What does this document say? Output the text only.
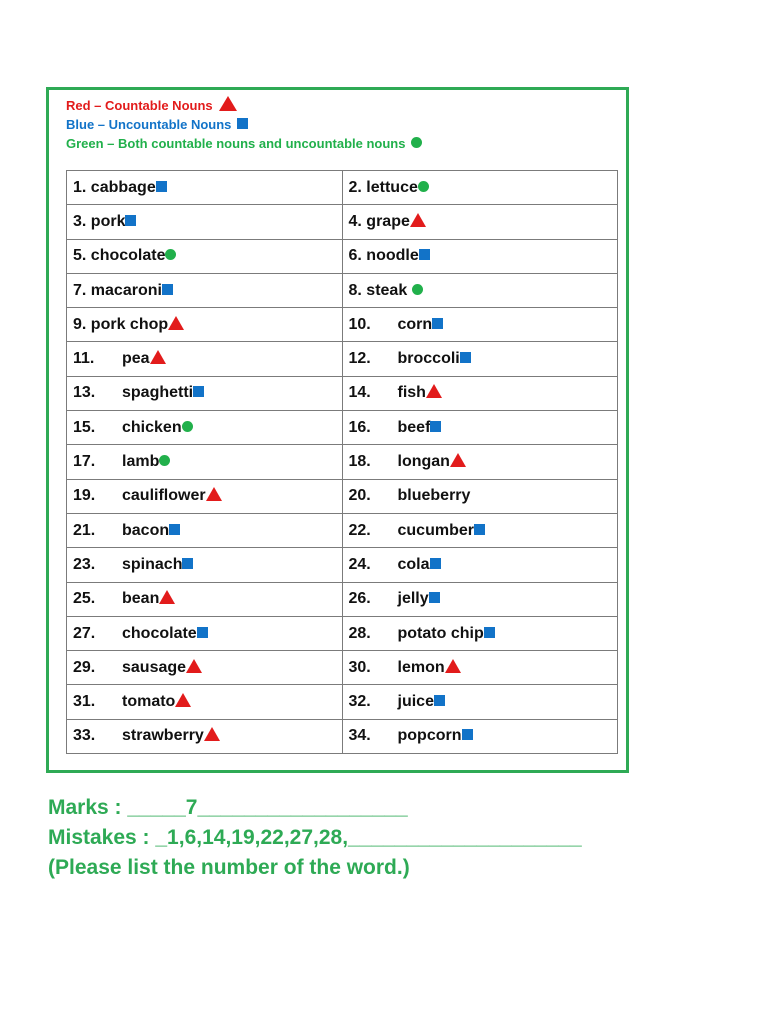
Red – Countable Nouns
Blue – Uncountable Nouns
Green – Both countable nouns and uncountable nouns
1. cabbage	2. lettuce
3. pork	4. grape
5. chocolate	6. noodle
7. macaroni	8. steak
9. pork chop	10. corn
11. pea	12. broccoli
13. spaghetti	14. fish
15. chicken	16. beef
17. lamb	18. longan
19. cauliflower	20. blueberry
21. bacon	22. cucumber
23. spinach	24. cola
25. bean	26. jelly
27. chocolate	28. potato chip
29. sausage	30. lemon
31. tomato	32. juice
33. strawberry	34. popcorn
Marks : _____7__________________
Mistakes : _1,6,14,19,22,27,28,____________________
(Please list the number of the word.)
